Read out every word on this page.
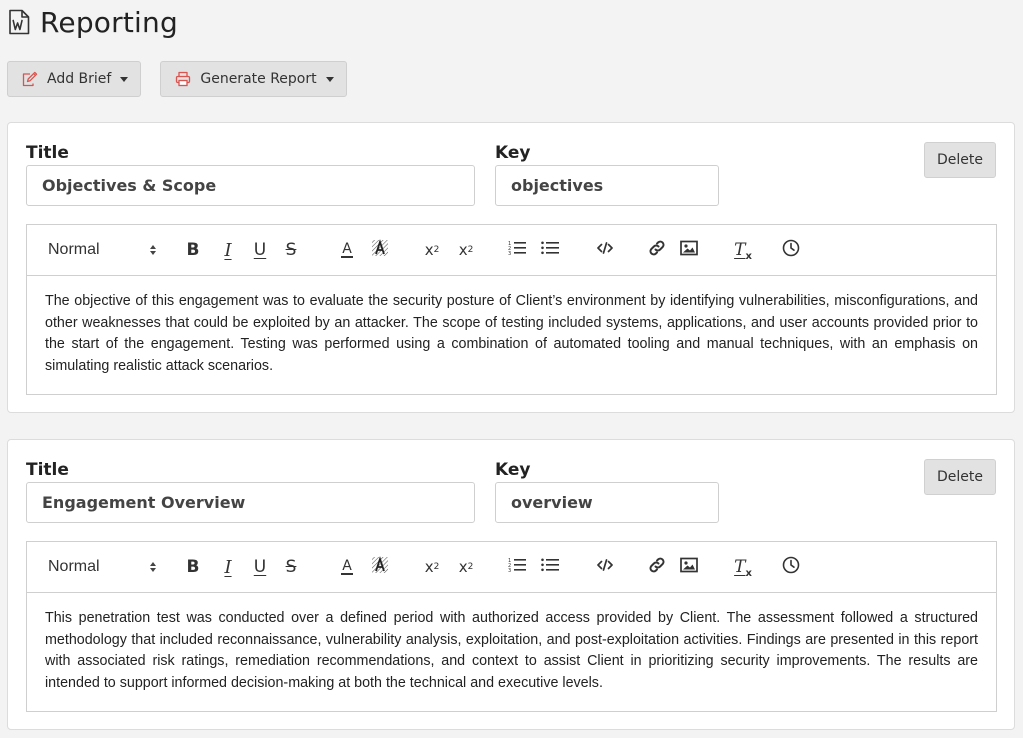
Reporting
Add Brief	Generate Report
Title
Objectives & Scope	Key
objectives	Delete
Normal	B I U S	A	x 2 x 2
1
2
3	$T_x$
The objective of this engagement was to evaluate the security posture of Client’s environment by identifying vulnerabilities, misconfigurations, and other weaknesses that could be exploited by an attacker. The scope of testing included systems, applications, and user accounts provided prior to the start of the engagement. Testing was performed using a combination of automated tooling and manual techniques, with an emphasis on simulating realistic attack scenarios.
Title
Engagement Overview	Key
overview	Delete
Normal	B I U S	A	x 2 x 2
1
2
3	$T_x$
This penetration test was conducted over a defined period with authorized access provided by Client. The assessment followed a structured methodology that included reconnaissance, vulnerability analysis, exploitation, and post-exploitation activities. Findings are presented in this report with associated risk ratings, remediation recommendations, and context to assist Client in prioritizing security improvements. The results are intended to support informed decision-making at both the technical and executive levels.
